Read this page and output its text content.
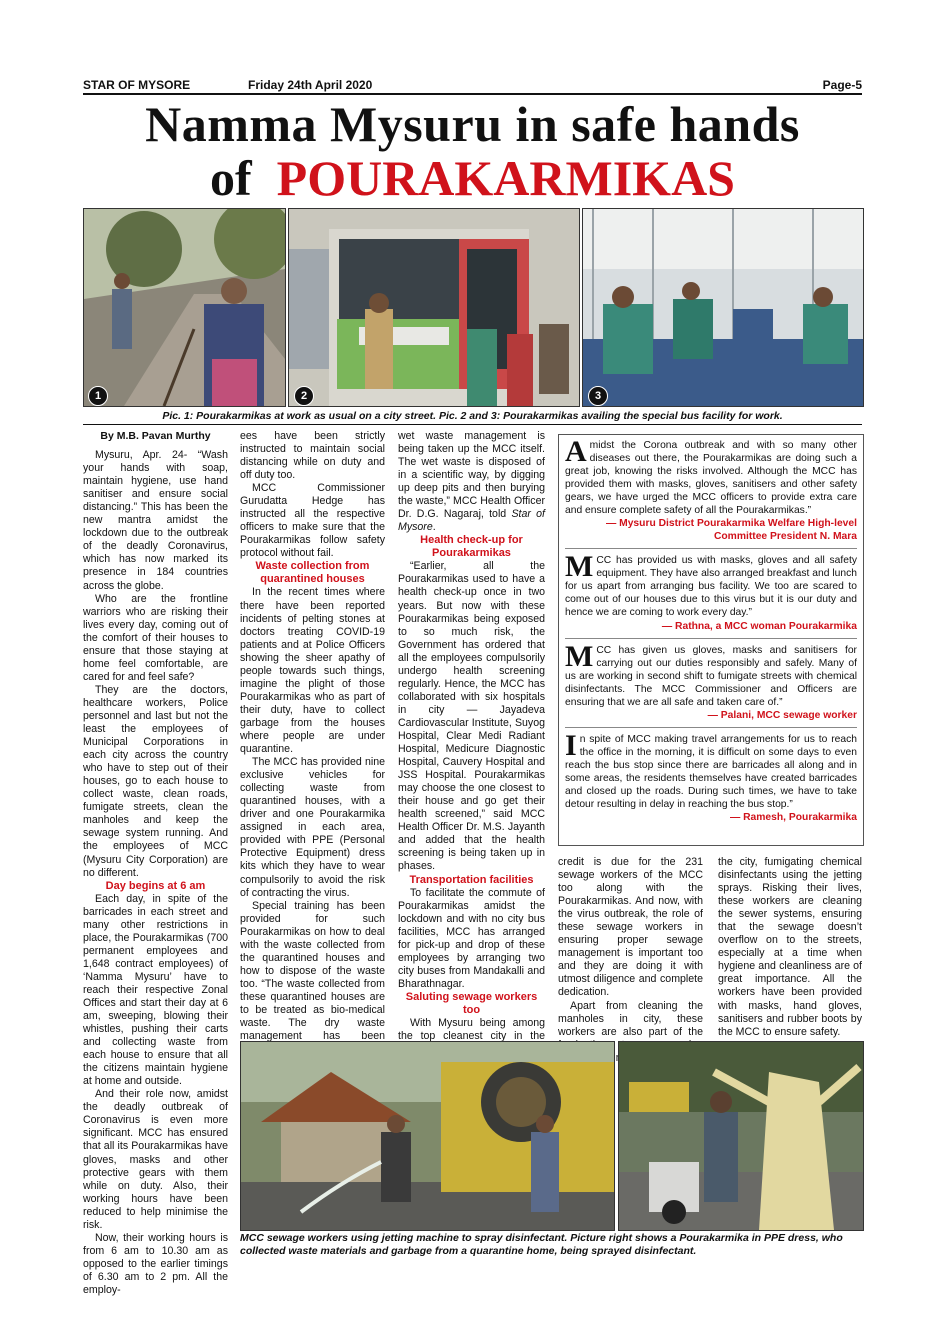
STAR OF MYSORE	Friday 24th April 2020	Page-5
Namma Mysuru in safe hands
of POURAKARMIKAS
1	2	3
Pic. 1: Pourakarmikas at work as usual on a city street. Pic. 2 and 3: Pourakarmikas availing the special bus facility for work.
By M.B. Pavan Murthy

Mysuru, Apr. 24- “Wash your hands with soap, maintain hygiene, use hand sanitiser and ensure social distancing.” This has been the new mantra amidst the lockdown due to the outbreak of the deadly Coronavirus, which has now marked its presence in 184 countries across the globe.

Who are the frontline warriors who are risking their lives every day, coming out of the comfort of their houses to ensure that those staying at home feel comfortable, are cared for and feel safe?

They are the doctors, healthcare workers, Police personnel and last but not the least the employees of Municipal Corporations in each city across the country who have to step out of their houses, go to each house to collect waste, clean roads, fumigate streets, clean the manholes and keep the sewage system running. And the employees of MCC (Mysuru City Corporation) are no different.

Day begins at 6 am

Each day, in spite of the barricades in each street and many other restrictions in place, the Pourakarmikas (700 permanent employees and 1,648 contract employees) of ‘Namma Mysuru’ have to reach their respective Zonal Offices and start their day at 6 am, sweeping, blowing their whistles, pushing their carts and collecting waste from each house to ensure that all the citizens maintain hygiene at home and outside.

And their role now, amidst the deadly outbreak of Coronavirus is even more significant. MCC has ensured that all its Pourakarmikas have gloves, masks and other protective gears with them while on duty. Also, their working hours have been reduced to help minimise the risk.

Now, their working hours is from 6 am to 10.30 am as opposed to the earlier timings of 6.30 am to 2 pm. All the employ-

ees have been strictly instructed to maintain social distancing while on duty and off duty too.

MCC Commissioner Gurudatta Hedge has instructed all the respective officers to make sure that the Pourakarmikas follow safety protocol without fail.

Waste collection from quarantined houses

In the recent times where there have been reported incidents of pelting stones at doctors treating COVID-19 patients and at Police Officers showing the sheer apathy of people towards such things, imagine the plight of those Pourakarmikas who as part of their duty, have to collect garbage from the houses where people are under quarantine.

The MCC has provided nine exclusive vehicles for collecting waste from quarantined houses, with a driver and one Pourakarmika assigned in each area, provided with PPE (Personal Protective Equipment) dress kits which they have to wear compulsorily to avoid the risk of contracting the virus.

Special training has been provided for such Pourakarmikas on how to deal with the waste collected from the quarantined houses and how to dispose of the waste too. “The waste collected from these quarantined houses are to be treated as bio-medical waste. The dry waste management has been

wet waste management is being taken up the MCC itself. The wet waste is disposed of in a scientific way, by digging up deep pits and then burying the waste,” MCC Health Officer Dr. D.G. Nagaraj, told Star of Mysore.

Health check-up for Pourakarmikas

“Earlier, all the Pourakarmikas used to have a health check-up once in two years. But now with these Pourakarmikas being exposed to so much risk, the Government has ordered that all the employees compulsorily undergo health screening regularly. Hence, the MCC has collaborated with six hospitals in city — Jayadeva Cardiovascular Institute, Suyog Hospital, Clear Medi Radiant Hospital, Medicure Diagnostic Hospital, Cauvery Hospital and JSS Hospital. Pourakarmikas may choose the one closest to their house and go get their health screened,” said MCC Health Officer Dr. M.S. Jayanth and added that the health screening is being taken up in phases.

Transportation facilities

To facilitate the commute of Pourakarmikas amidst the lockdown and with no city bus facilities, MCC has arranged for pick-up and drop of these employees by arranging two city buses from Mandakalli and Bharathnagar.

Saluting sewage workers too

With Mysuru being among the top cleanest city in the

Amidst the Corona outbreak and with so many other diseases out there, the Pourakarmikas are doing such a great job, knowing the risks involved. Although the MCC has provided them with masks, gloves, sanitisers and other safety gears, we have urged the MCC officers to provide extra care and ensure complete safety of all the Pourakarmikas.”
— Mysuru District Pourakarmika Welfare High-level Committee President N. Mara
MCC has provided us with masks, gloves and all safety equipment. They have also arranged breakfast and lunch for us apart from arranging bus facility. We too are scared to come out of our houses due to this virus but it is our duty and hence we are coming to work every day.”
— Rathna, a MCC woman Pourakarmika
MCC has given us gloves, masks and sanitisers for carrying out our duties responsibly and safely. Many of us are working in second shift to fumigate streets with chemical disinfectants. The MCC Commissioner and Officers are ensuring that we are all safe and taken care of.”
— Palani, MCC sewage worker
In spite of MCC making travel arrangements for us to reach the office in the morning, it is difficult on some days to even reach the bus stop since there are barricades all along and in some areas, the residents themselves have created barricades and closed up the roads. During such times, we have to take detour resulting in delay in reaching the bus stop.”
— Ramesh, Pourakarmika

credit is due for the 231 sewage workers of the MCC too along with the Pourakarmikas. And now, with the virus outbreak, the role of these sewage workers in ensuring proper sewage management is important too and they are doing it with utmost diligence and complete dedication.

Apart from cleaning the manholes in city, these workers are also part of the in

the city, fumigating chemical disinfectants using the jetting sprays. Risking their lives, these workers are cleaning the sewer systems, ensuring that the sewage doesn’t overflow on to the streets, especially at a time when hygiene and cleanliness are of great importance. All the workers have been provided with masks, hand gloves, sanitisers and rubber boots by the MCC to ensure safety.

MCC sewage workers using jetting machine to spray disinfectant. Picture right shows a Pourakarmika in PPE dress, who collected waste materials and garbage from a quarantine home, being sprayed disinfectant.
